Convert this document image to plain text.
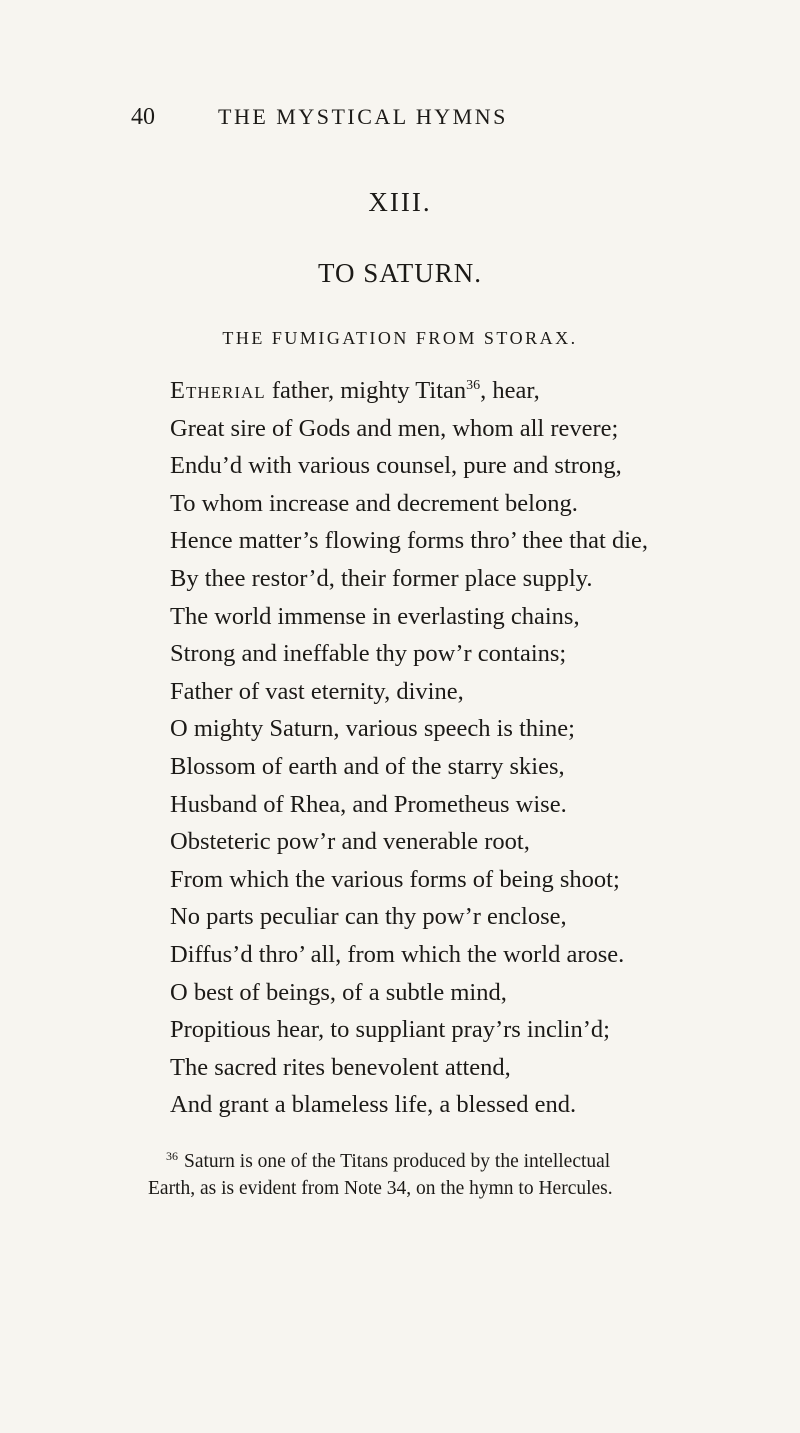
40	THE MYSTICAL HYMNS
XIII.
TO SATURN.
THE FUMIGATION FROM STORAX.
Etherial father, mighty Titan$^{36}$, hear,
Great sire of Gods and men, whom all revere;
Endu’d with various counsel, pure and strong,
To whom increase and decrement belong.
Hence matter’s flowing forms thro’ thee that die,
By thee restor’d, their former place supply.
The world immense in everlasting chains,
Strong and ineffable thy pow’r contains;
Father of vast eternity, divine,
O mighty Saturn, various speech is thine;
Blossom of earth and of the starry skies,
Husband of Rhea, and Prometheus wise.
Obsteteric pow’r and venerable root,
From which the various forms of being shoot;
No parts peculiar can thy pow’r enclose,
Diffus’d thro’ all, from which the world arose.
O best of beings, of a subtle mind,
Propitious hear, to suppliant pray’rs inclin’d;
The sacred rites benevolent attend,
And grant a blameless life, a blessed end.
$^{36}$ Saturn is one of the Titans produced by the intellectual
Earth, as is evident from Note 34, on the hymn to Hercules.
